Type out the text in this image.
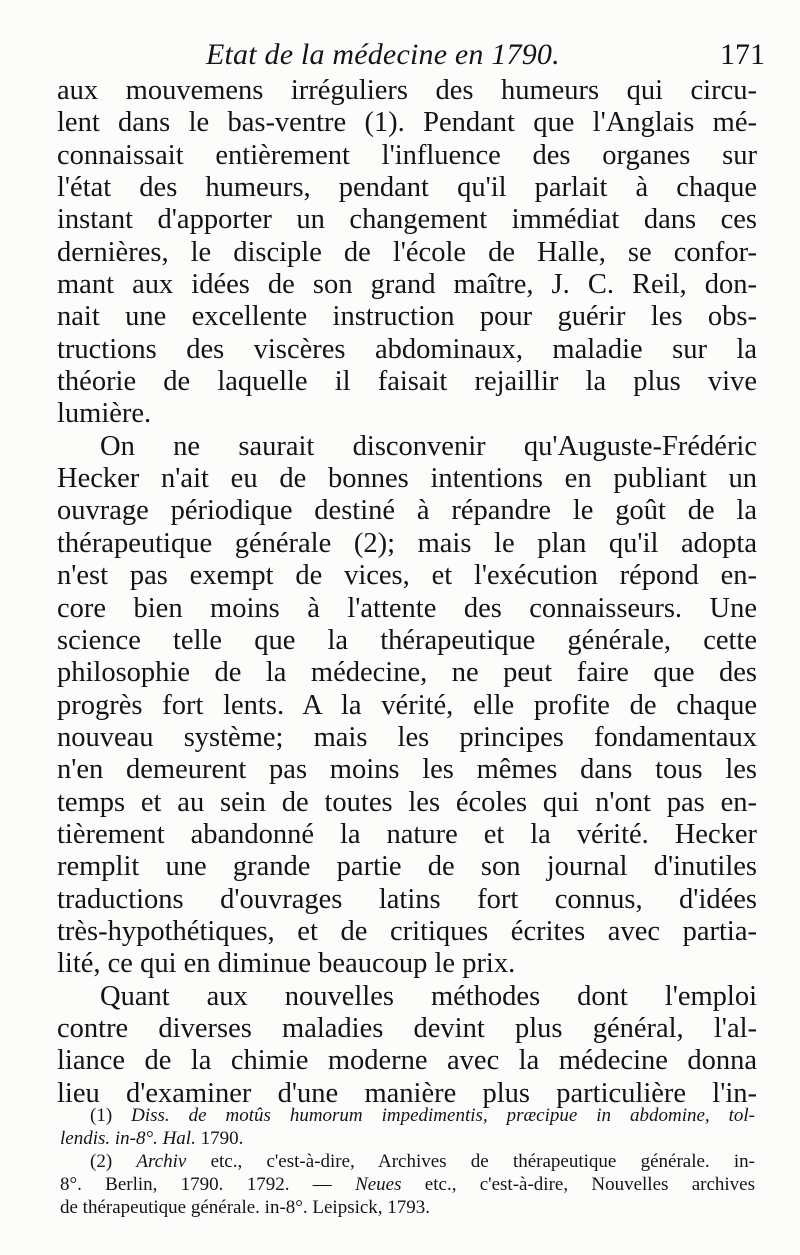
Etat de la médecine en 1790.	171
aux mouvemens irréguliers des humeurs qui circu-
lent dans le bas-ventre (1). Pendant que l'Anglais mé-
connaissait entièrement l'influence des organes sur
l'état des humeurs, pendant qu'il parlait à chaque
instant d'apporter un changement immédiat dans ces
dernières, le disciple de l'école de Halle, se confor-
mant aux idées de son grand maître, J. C. Reil, don-
nait une excellente instruction pour guérir les obs-
tructions des viscères abdominaux, maladie sur la
théorie de laquelle il faisait rejaillir la plus vive
lumière.
On ne saurait disconvenir qu'Auguste-Frédéric
Hecker n'ait eu de bonnes intentions en publiant un
ouvrage périodique destiné à répandre le goût de la
thérapeutique générale (2); mais le plan qu'il adopta
n'est pas exempt de vices, et l'exécution répond en-
core bien moins à l'attente des connaisseurs. Une
science telle que la thérapeutique générale, cette
philosophie de la médecine, ne peut faire que des
progrès fort lents. A la vérité, elle profite de chaque
nouveau système; mais les principes fondamentaux
n'en demeurent pas moins les mêmes dans tous les
temps et au sein de toutes les écoles qui n'ont pas en-
tièrement abandonné la nature et la vérité. Hecker
remplit une grande partie de son journal d'inutiles
traductions d'ouvrages latins fort connus, d'idées
très-hypothétiques, et de critiques écrites avec partia-
lité, ce qui en diminue beaucoup le prix.
Quant aux nouvelles méthodes dont l'emploi
contre diverses maladies devint plus général, l'al-
liance de la chimie moderne avec la médecine donna
lieu d'examiner d'une manière plus particulière l'in-
(1) Diss. de motûs humorum impedimentis, præcipue in abdomine, tol-
lendis. in-8°. Hal. 1790.
(2) Archiv etc., c'est-à-dire, Archives de thérapeutique générale. in-
8°. Berlin, 1790. 1792. — Neues etc., c'est-à-dire, Nouvelles archives
de thérapeutique générale. in-8°. Leipsick, 1793.
